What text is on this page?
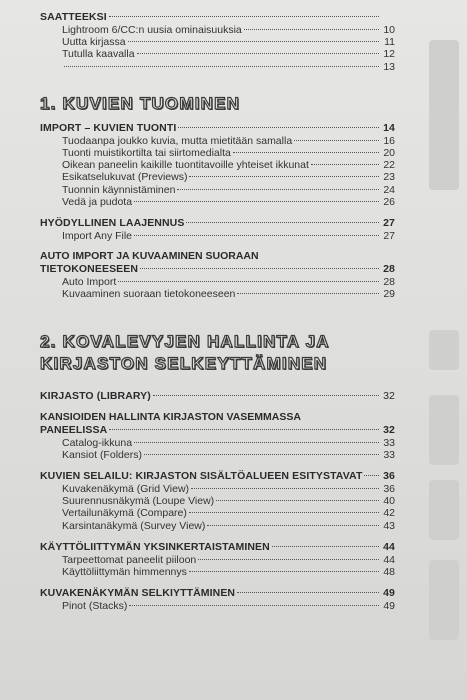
SAATTEEKSI
Lightroom 6/CC:n uusia ominaisuuksia	10
Uutta kirjassa	11
Tutulla kaavalla	12
13
1. KUVIEN TUOMINEN
IMPORT – KUVIEN TUONTI	14
Tuodaanpa joukko kuvia, mutta mietitään samalla	16
Tuonti muistikortilta tai siirtomedialta	20
Oikean paneelin kaikille tuontitavoille yhteiset ikkunat	22
Esikatselukuvat (Previews)	23
Tuonnin käynnistäminen	24
Vedä ja pudota	26
HYÖDYLLINEN LAAJENNUS	27
Import Any File	27
AUTO IMPORT JA KUVAAMINEN SUORAAN
TIETOKONEESEEN	28
Auto Import	28
Kuvaaminen suoraan tietokoneeseen	29
2. KOVALEVYJEN HALLINTA JA
KIRJASTON SELKEYTTÄMINEN
KIRJASTO (LIBRARY)	32
KANSIOIDEN HALLINTA KIRJASTON VASEMMASSA
PANEELISSA	32
Catalog-ikkuna	33
Kansiot (Folders)	33
KUVIEN SELAILU: KIRJASTON SISÄLTÖALUEEN ESITYSTAVAT 36
Kuvakenäkymä (Grid View)	36
Suurennusnäkymä (Loupe View)	40
Vertailunäkymä (Compare)	42
Karsintanäkymä (Survey View)	43
KÄYTTÖLIITTYMÄN YKSINKERTAISTAMINEN	44
Tarpeettomat paneelit piiloon	44
Käyttöliittymän himmennys	48
KUVAKENÄKYMÄN SELKIYTTÄMINEN	49
Pinot (Stacks)	49
